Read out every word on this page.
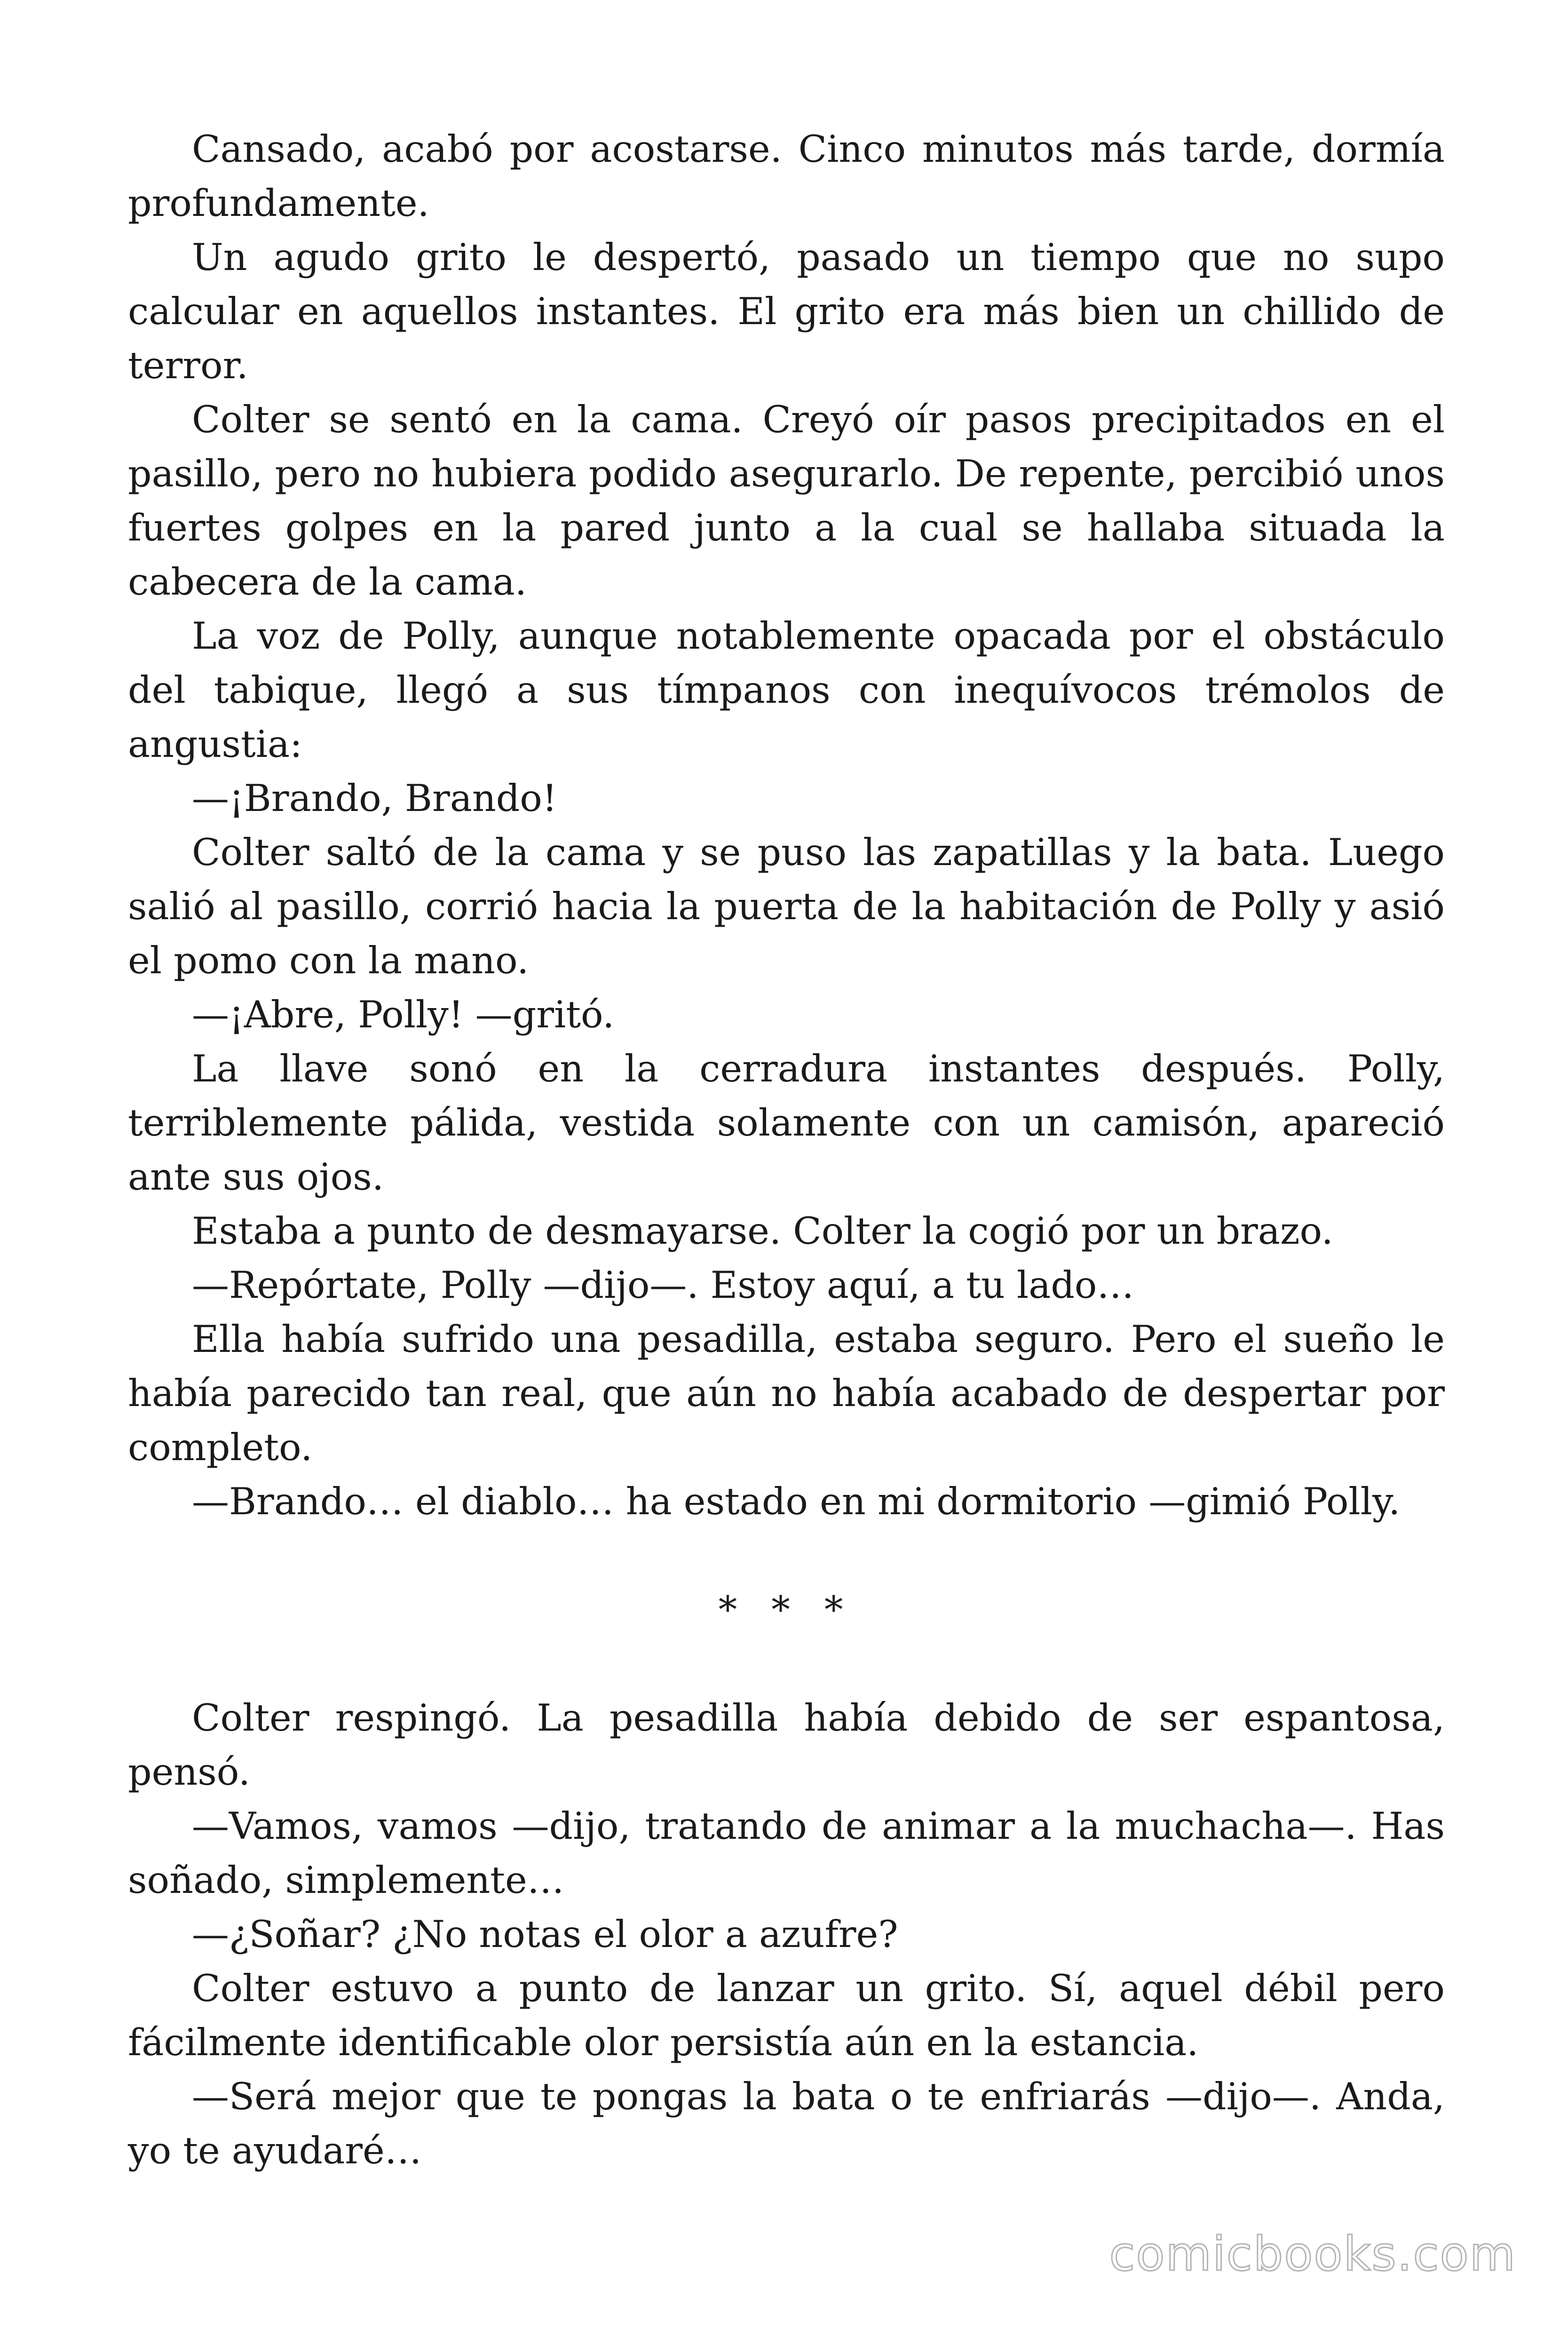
Cansado, acabó por acostarse. Cinco minutos más tarde, dormía profundamente.

Un agudo grito le despertó, pasado un tiempo que no supo calcular en aquellos instantes. El grito era más bien un chillido de terror.

Colter se sentó en la cama. Creyó oír pasos precipitados en el pasillo, pero no hubiera podido asegurarlo. De repente, percibió unos fuertes golpes en la pared junto a la cual se hallaba situada la cabecera de la cama.

La voz de Polly, aunque notablemente opacada por el obstáculo del tabique, llegó a sus tímpanos con inequívocos trémolos de angustia:

—¡Brando, Brando!

Colter saltó de la cama y se puso las zapatillas y la bata. Luego salió al pasillo, corrió hacia la puerta de la habitación de Polly y asió el pomo con la mano.

—¡Abre, Polly! —gritó.

La llave sonó en la cerradura instantes después. Polly, terriblemente pálida, vestida solamente con un camisón, apareció ante sus ojos.

Estaba a punto de desmayarse. Colter la cogió por un brazo.

—Repórtate, Polly —dijo—. Estoy aquí, a tu lado…

Ella había sufrido una pesadilla, estaba seguro. Pero el sueño le había parecido tan real, que aún no había acabado de despertar por completo.

—Brando… el diablo… ha estado en mi dormitorio —gimió Polly.

* * *

Colter respingó. La pesadilla había debido de ser espantosa, pensó.

—Vamos, vamos —dijo, tratando de animar a la muchacha—. Has soñado, simplemente…

—¿Soñar? ¿No notas el olor a azufre?

Colter estuvo a punto de lanzar un grito. Sí, aquel débil pero fácilmente identificable olor persistía aún en la estancia.

—Será mejor que te pongas la bata o te enfriarás —dijo—. Anda, yo te ayudaré…

comicbooks.com
